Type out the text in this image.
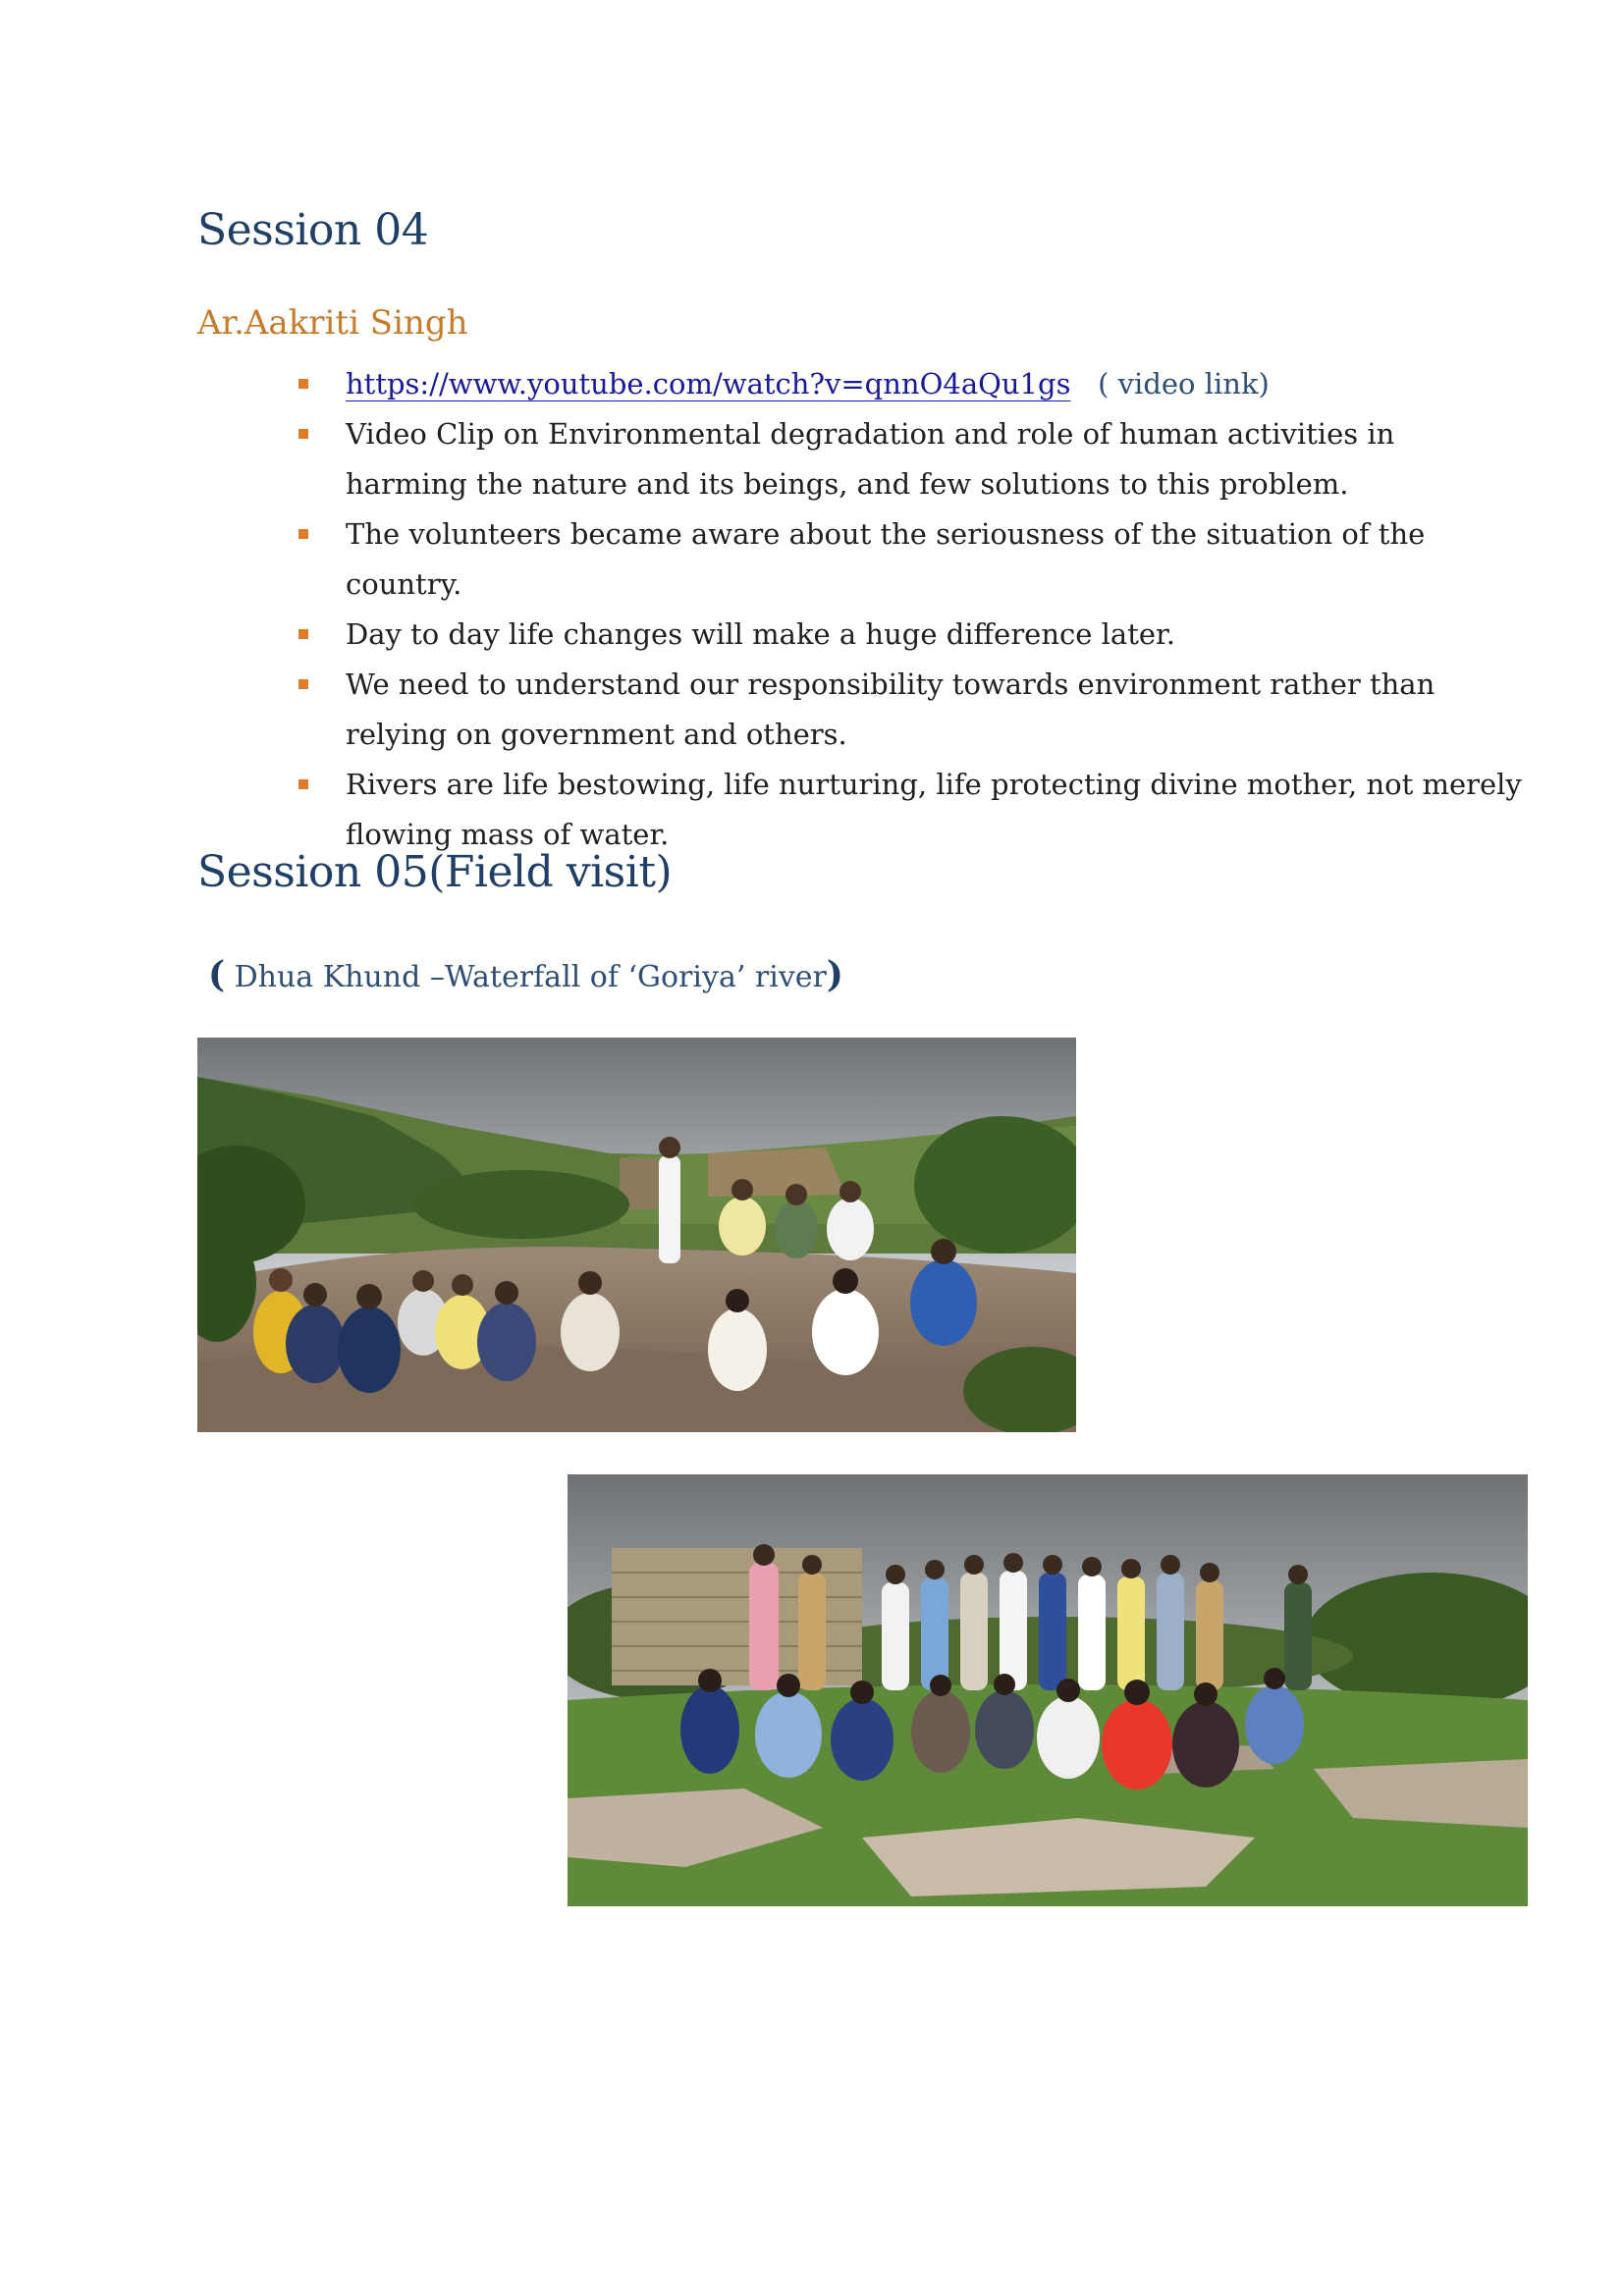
Session 04
Ar.Aakriti Singh
https://www.youtube.com/watch?v=qnnO4aQu1gs ( video link)
Video Clip on Environmental degradation and role of human activities in harming the nature and its beings, and few solutions to this problem.
The volunteers became aware about the seriousness of the situation of the country.
Day to day life changes will make a huge difference later.
We need to understand our responsibility towards environment rather than relying on government and others.
Rivers are life bestowing, life nurturing, life protecting divine mother, not merely flowing mass of water.
Session 05(Field visit)

( Dhua Khund –Waterfall of ‘Goriya’ river)
